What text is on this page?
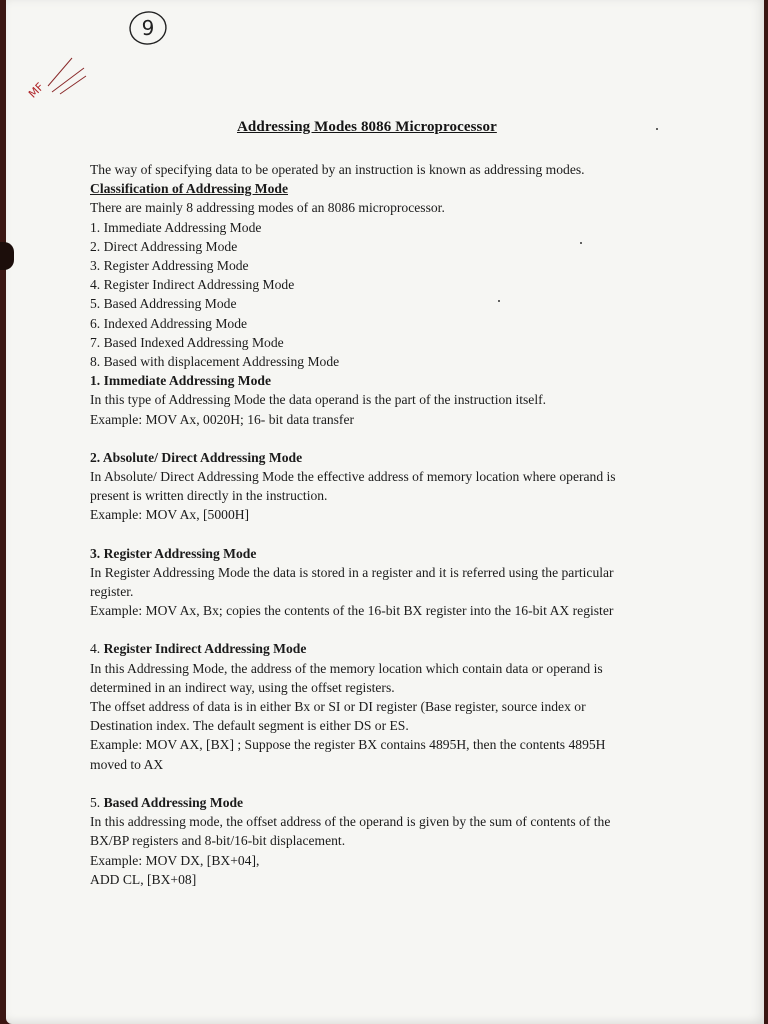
9
MF
Addressing Modes 8086 Microprocessor
The way of specifying data to be operated by an instruction is known as addressing modes.
Classification of Addressing Mode
There are mainly 8 addressing modes of an 8086 microprocessor.
1. Immediate Addressing Mode
2. Direct Addressing Mode
3. Register Addressing Mode
4. Register Indirect Addressing Mode
5. Based Addressing Mode
6. Indexed Addressing Mode
7. Based Indexed Addressing Mode
8. Based with displacement Addressing Mode
1. Immediate Addressing Mode
In this type of Addressing Mode the data operand is the part of the instruction itself.
Example: MOV Ax, 0020H; 16- bit data transfer
2. Absolute/ Direct Addressing Mode
In Absolute/ Direct Addressing Mode the effective address of memory location where operand is
present is written directly in the instruction.
Example: MOV Ax, [5000H]
3. Register Addressing Mode
In Register Addressing Mode the data is stored in a register and it is referred using the particular
register.
Example: MOV Ax, Bx; copies the contents of the 16-bit BX register into the 16-bit AX register
4. Register Indirect Addressing Mode
In this Addressing Mode, the address of the memory location which contain data or operand is
determined in an indirect way, using the offset registers.
The offset address of data is in either Bx or SI or DI register (Base register, source index or
Destination index. The default segment is either DS or ES.
Example: MOV AX, [BX] ; Suppose the register BX contains 4895H, then the contents 4895H
moved to AX
5. Based Addressing Mode
In this addressing mode, the offset address of the operand is given by the sum of contents of the
BX/BP registers and 8-bit/16-bit displacement.
Example: MOV DX, [BX+04],
ADD CL, [BX+08]
